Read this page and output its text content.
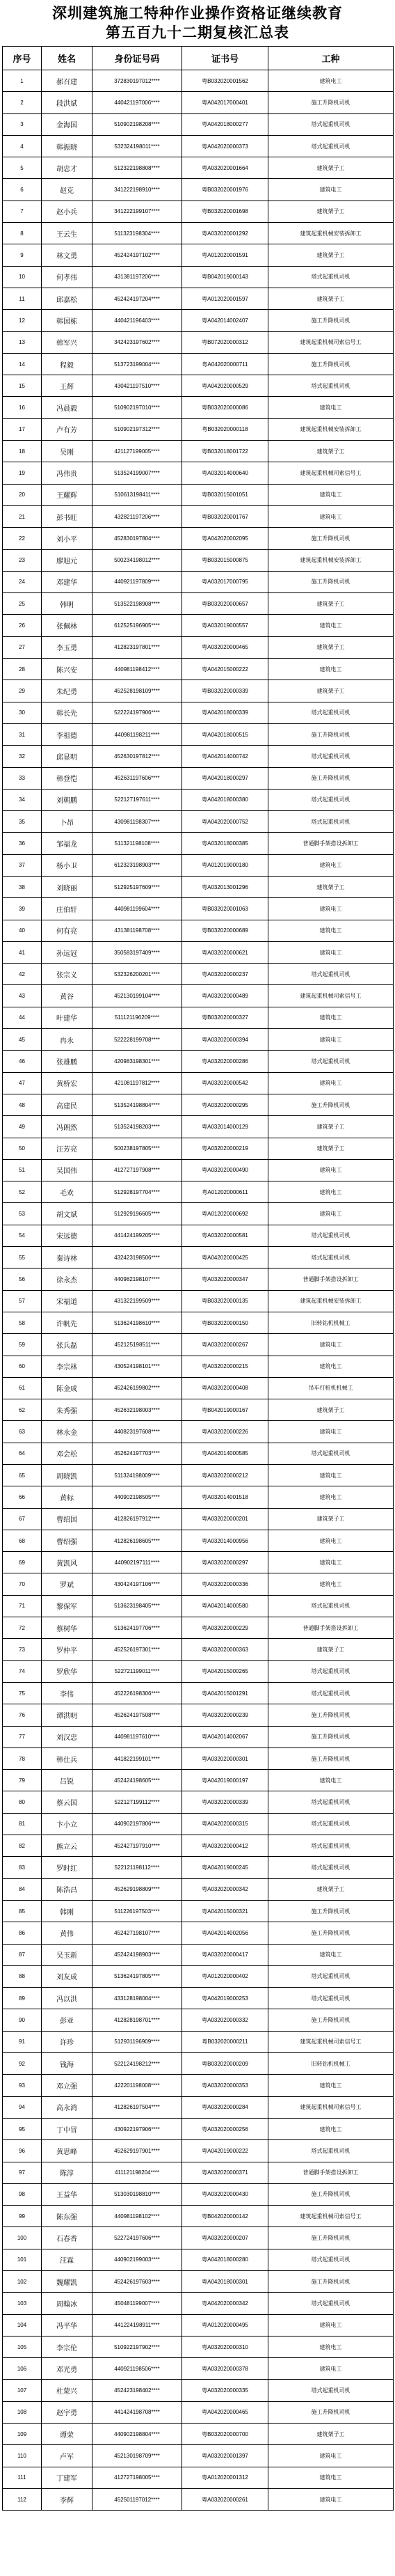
深圳建筑施工特种作业操作资格证继续教育
第五百九十二期复核汇总表
序号	姓名	身份证号码	证书号	工种
1	郝召建	372830197012****	粤B032020001562	建筑电工
2	段洪斌	440421197006****	粤A042017000401	施工升降机司机
3	金海国	510902198208****	粤A042018000277	塔式起重机司机
4	韩振晓	532324198011****	粤A042020000373	塔式起重机司机
5	胡忠才	512322198808****	粤A032020001664	建筑架子工
6	赵克	341222198910****	粤B032020001976	建筑电工
7	赵小兵	341222199107****	粤B032020001698	建筑架子工
8	王云生	511323198304****	粤A032020001292	建筑起重机械安装拆卸工
9	林文勇	452424197102****	粤A012020001591	建筑架子工
10	何孝伟	431381197206****	粤B042019000143	塔式起重机司机
11	邱嘉松	452424197204****	粤A012020001597	建筑架子工
12	韩国栋	440421196403****	粤A042014002407	施工升降机司机
13	韩军兴	342423197602****	粤B072020000312	建筑起重机械司索信号工
14	程毅	513723199004****	粤A042020000711	施工升降机司机
15	王辉	430421197510****	粤A042020000529	塔式起重机司机
16	冯晨毅	510902197010****	粤B032020000086	建筑电工
17	卢有芳	510902197312****	粤B032020000118	建筑起重机械安装拆卸工
18	吴刚	421127199005****	粤B032018001722	建筑架子工
19	冯伟贵	513524199007****	粤A032014000640	建筑起重机械司索信号工
20	王耀辉	510613198411****	粤B032015001051	建筑电工
21	彭书旺	432821197206****	粤B032020001767	建筑电工
22	刘小平	452830197804****	粤A042020002095	施工升降机司机
23	廖旭元	500234198012****	粤B032015000875	建筑起重机械安装拆卸工
24	邓建华	440921197809****	粤A032017000795	施工升降机司机
25	韩明	513522198908****	粤B032020000657	建筑架子工
26	张佩林	612525196905****	粤A032019000557	建筑电工
27	李玉勇	412823197801****	粤A032020000465	建筑架子工
28	陈兴安	440981198412****	粤A042015000222	建筑电工
29	朱纪勇	452528198109****	粤B032020000339	建筑架子工
30	韩长先	522224197906****	粤A042018000339	塔式起重机司机
31	李祖德	440981198211****	粤A042018000515	施工升降机司机
32	邱显明	452630197812****	粤A042014000742	塔式起重机司机
33	韩登恺	452631197606****	粤A042018000297	施工升降机司机
34	刘朝鹏	522127197611****	粤A042018000380	塔式起重机司机
35	卜昂	430981198307****	粤A042020000752	塔式起重机司机
36	邹福龙	511321198108****	粤A032018000385	普通脚手架搭设拆卸工
37	杨小卫	612323198903****	粤A012019000180	建筑电工
38	刘晓丽	512925197609****	粤A032013001296	建筑架子工
39	庄伯轩	440981199604****	粤B032020001063	建筑电工
40	何有亮	431381198708****	粤B032020000689	建筑电工
41	孙远冠	350583197409****	粤A032020000621	建筑电工
42	张宗义	532326200201****	粤A032020000237	塔式起重机司机
43	黄谷	452130199104****	粤A032020000489	建筑起重机械司索信号工
44	叶建华	511121196209****	粤B032020000327	建筑电工
45	冉永	522228199708****	粤A032020000394	建筑电工
46	张雄鹏	420983198301****	粤A032020000286	塔式起重机司机
47	黄桥宏	421081197812****	粤A032020000542	建筑电工
48	高建民	513524198804****	粤A032020000295	施工升降机司机
49	冯朗然	513524198203****	粤A032014000129	建筑架子工
50	汪芳亮	500238197805****	粤A032020000219	建筑架子工
51	吴国伟	412727197908****	粤A032020000490	建筑电工
52	毛欢	512928197704****	粤A012020000611	建筑电工
53	胡文斌	512929196605****	粤A012020000692	建筑电工
54	宋远德	441424199205****	粤A032020000581	塔式起重机司机
55	秦诗林	432423198506****	粤A042020000425	塔式起重机司机
56	徐永杰	440982198107****	粤A032020000347	普通脚手架搭设拆卸工
57	宋福道	431322199509****	粤B032020000135	建筑起重机械安装拆卸工
58	许帆先	513624198610****	粤B032020000150	旧转钻机机械工
59	张兵磊	452125198511****	粤A032020000267	建筑电工
60	李宗林	430524198101****	粤A032020000215	建筑电工
61	陈金成	452426199802****	粤A032020000408	吊车打桩机机械工
62	朱秀强	452632198003****	粤B042019000167	建筑架子工
63	林永金	440823197608****	粤A032020000226	建筑电工
64	邓会松	452624197703****	粤A042014000585	塔式起重机司机
65	周晓凯	511324198009****	粤A032020000212	建筑电工
66	黄标	440902198505****	粤A032014001518	建筑电工
67	曹绍国	412826197912****	粤A032020000201	建筑架子工
68	曹绍强	412826198605****	粤A032014000956	建筑电工
69	黄凯风	440902197111****	粤A032020000297	建筑电工
70	罗斌	430424197106****	粤A032020000336	建筑电工
71	黎保军	513623198405****	粤A042014000580	塔式起重机司机
72	蔡树华	513624197706****	粤A032020000229	普通脚手架搭设拆卸工
73	罗仲平	452526197301****	粤A032020000363	建筑架子工
74	罗欣华	522721199011****	粤A042015000265	塔式起重机司机
75	李伟	452226198306****	粤A042015001291	塔式起重机司机
76	谭洪明	452624197508****	粤A032020000239	施工升降机司机
77	刘汉忠	440981197610****	粤A042014002067	施工升降机司机
78	韩仕兵	441822199101****	粤A032020000301	施工升降机司机
79	吕锐	452424198605****	粤A042019000197	建筑电工
80	蔡云国	522127199112****	粤A032020000339	塔式起重机司机
81	卞小立	440902197806****	粤A042020000315	塔式起重机司机
82	熊立云	452427197910****	粤A032020000412	塔式起重机司机
83	罗时红	522121198112****	粤A042019000245	塔式起重机司机
84	陈浩昌	452629198809****	粤A032020000342	建筑架子工
85	韩刚	511226197503****	粤A042015000321	施工升降机司机
86	黄伟	452427198107****	粤A042014002056	施工升降机司机
87	吴玉新	452424198903****	粤A032020000417	建筑电工
88	刘友成	513624197805****	粤A012020000402	塔式起重机司机
89	冯以洪	433128198004****	粤A042019000253	塔式起重机司机
90	彭亚	412828198701****	粤A032020000332	施工升降机司机
91	许珍	512931196909****	粤B032020000211	建筑起重机械司索信号工
92	钱海	522124198212****	粤B032020000209	旧转钻机机械工
93	邓立强	422201198008****	粤A032020000353	建筑电工
94	高永鸿	412826197504****	粤A032020000284	建筑起重机械司索信号工
95	丁中冒	430922197906****	粤A032020000256	建筑电工
96	黄思峰	452629197901****	粤A042019000222	塔式起重机司机
97	陈淳	411121198204****	粤A032020000371	普通脚手架搭设拆卸工
98	王益华	513030198810****	粤A032020000430	施工升降机司机
99	陈东强	440981198102****	粤B042020000142	建筑起重机械司索信号工
100	石春香	522724197606****	粤A032020000207	施工升降机司机
101	汪霖	440902199003****	粤A042018000280	塔式起重机司机
102	魏耀凯	452426197603****	粤A042018000301	施工升降机司机
103	周翰冰	450481199007****	粤A042020000342	塔式起重机司机
104	冯平华	441224198911****	粤A012020000495	建筑电工
105	李宗伦	510922197902****	粤A032020000310	建筑电工
106	邓光勇	440921198506****	粤A032020000378	建筑电工
107	杜蒙兴	452423198402****	粤A032020000335	塔式起重机司机
108	赵宇勇	441424198708****	粤A042020000465	施工升降机司机
109	谭荣	440902198804****	粤B032020000700	建筑架子工
110	卢军	452130198709****	粤A032020001397	建筑电工
111	丁建军	412727198005****	粤A012020001312	建筑电工
112	李辉	452501197012****	粤A032020000261	建筑电工
